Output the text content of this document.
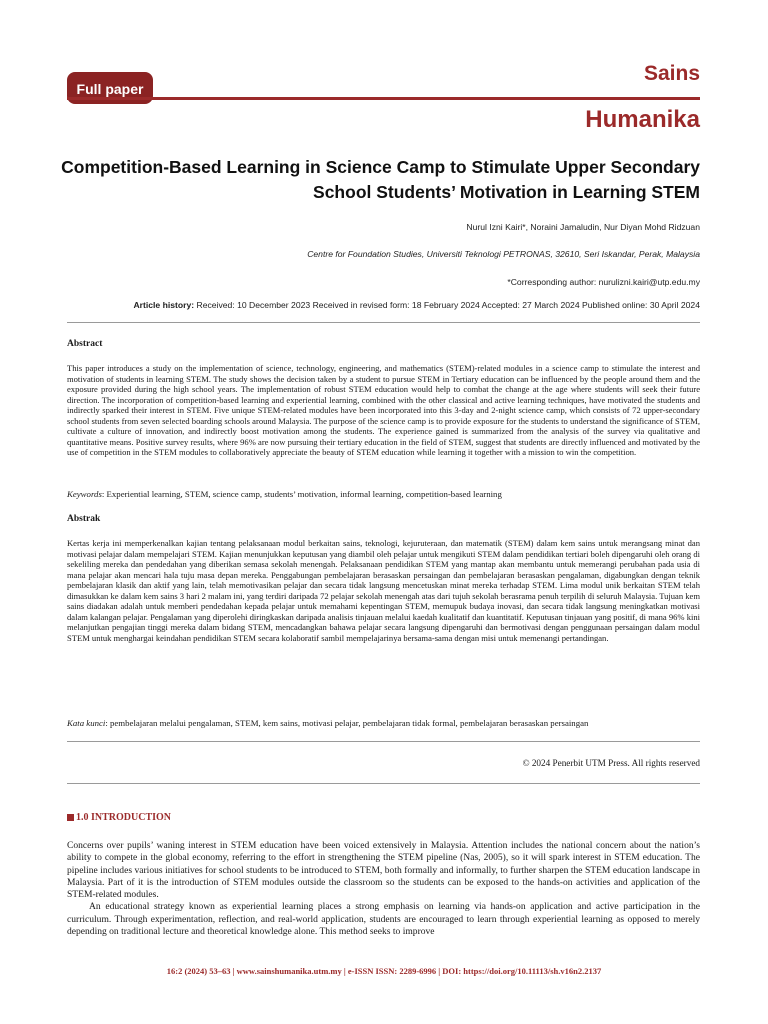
Full paper
Sains
Humanika
Competition-Based Learning in Science Camp to Stimulate Upper Secondary School Students’ Motivation in Learning STEM
Nurul Izni Kairi*, Noraini Jamaludin, Nur Diyan Mohd Ridzuan
Centre for Foundation Studies, Universiti Teknologi PETRONAS, 32610, Seri Iskandar, Perak, Malaysia
*Corresponding author: nurulizni.kairi@utp.edu.my
Article history: Received: 10 December 2023 Received in revised form: 18 February 2024 Accepted: 27 March 2024 Published online: 30 April 2024
Abstract

This paper introduces a study on the implementation of science, technology, engineering, and mathematics (STEM)-related modules in a science camp to stimulate the interest and motivation of students in learning STEM. The study shows the decision taken by a student to pursue STEM in Tertiary education can be influenced by the people around them and the exposure provided during the high school years. The implementation of robust STEM education would help to combat the change at the age where students will seek their future direction. The incorporation of competition-based learning and experiential learning, combined with the other classical and active learning techniques, have motivated the students and indirectly sparked their interest in STEM. Five unique STEM-related modules have been incorporated into this 3-day and 2-night science camp, which consists of 72 upper-secondary school students from seven selected boarding schools around Malaysia. The purpose of the science camp is to provide exposure for the students to understand the significance of STEM, cultivate a culture of innovation, and indirectly boost motivation among the students. The experience gained is summarized from the analysis of the survey via qualitative and quantitative means. Positive survey results, where 96% are now pursuing their tertiary education in the field of STEM, suggest that students are directly influenced and motivated by the use of competition in the STEM modules to collaboratively appreciate the beauty of STEM education while learning it together with a mission to win the competition.

Keywords: Experiential learning, STEM, science camp, students’ motivation, informal learning, competition-based learning
Abstrak

Kertas kerja ini memperkenalkan kajian tentang pelaksanaan modul berkaitan sains, teknologi, kejuruteraan, dan matematik (STEM) dalam kem sains untuk merangsang minat dan motivasi pelajar dalam mempelajari STEM. Kajian menunjukkan keputusan yang diambil oleh pelajar untuk mengikuti STEM dalam pendidikan tertiari boleh dipengaruhi oleh orang di sekeliling mereka dan pendedahan yang diberikan semasa sekolah menengah. Pelaksanaan pendidikan STEM yang mantap akan membantu untuk memerangi perubahan pada usia di mana pelajar akan mencari hala tuju masa depan mereka. Penggabungan pembelajaran berasaskan persaingan dan pembelajaran berasaskan pengalaman, digabungkan dengan teknik pembelajaran klasik dan aktif yang lain, telah memotivasikan pelajar dan secara tidak langsung mencetuskan minat mereka terhadap STEM. Lima modul unik berkaitan STEM telah dimasukkan ke dalam kem sains 3 hari 2 malam ini, yang terdiri daripada 72 pelajar sekolah menengah atas dari tujuh sekolah berasrama penuh terpilih di seluruh Malaysia. Tujuan kem sains diadakan adalah untuk memberi pendedahan kepada pelajar untuk memahami kepentingan STEM, memupuk budaya inovasi, dan secara tidak langsung meningkatkan motivasi dalam kalangan pelajar. Pengalaman yang diperolehi diringkaskan daripada analisis tinjauan melalui kaedah kualitatif dan kuantitatif. Keputusan tinjauan yang positif, di mana 96% kini melanjutkan pengajian tinggi mereka dalam bidang STEM, mencadangkan bahawa pelajar secara langsung dipengaruhi dan bermotivasi dengan penggunaan persaingan dalam modul STEM untuk menghargai keindahan pendidikan STEM secara kolaboratif sambil mempelajarinya bersama-sama dengan misi untuk memenangi pertandingan.

Kata kunci: pembelajaran melalui pengalaman, STEM, kem sains, motivasi pelajar, pembelajaran tidak formal, pembelajaran berasaskan persaingan
© 2024 Penerbit UTM Press. All rights reserved
1.0 INTRODUCTION

Concerns over pupils’ waning interest in STEM education have been voiced extensively in Malaysia. Attention includes the national concern about the nation’s ability to compete in the global economy, referring to the effort in strengthening the STEM pipeline (Nas, 2005), so it will spark interest in STEM education. The pipeline includes various initiatives for school students to be introduced to STEM, both formally and informally, to further sharpen the STEM education landscape in Malaysia. Part of it is the introduction of STEM modules outside the classroom so the students can be exposed to the hands-on activities and application of the STEM-related modules.

An educational strategy known as experiential learning places a strong emphasis on learning via hands-on application and active participation in the curriculum. Through experimentation, reflection, and real-world application, students are encouraged to learn through experiential learning as opposed to merely depending on traditional lecture and theoretical knowledge alone. This method seeks to improve

16:2 (2024) 53–63 | www.sainshumanika.utm.my | e-ISSN ISSN: 2289-6996 | DOI: https://doi.org/10.11113/sh.v16n2.2137
